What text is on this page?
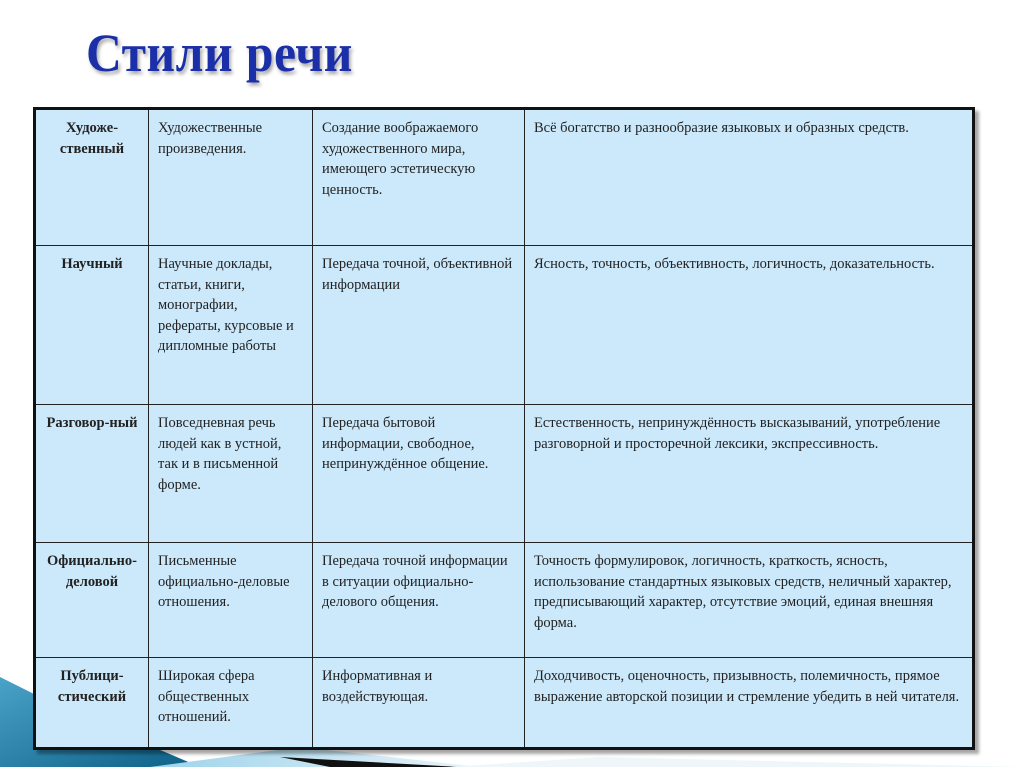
Стили речи
Художе-ственный	Художественные произведения.	Создание воображаемого художественного мира, имеющего эстетическую ценность.	Всё богатство и разнообразие языковых и образных средств.
Научный	Научные доклады, статьи, книги, монографии, рефераты, курсовые и дипломные работы	Передача точной, объективной информации	Ясность, точность, объективность, логичность, доказательность.
Разговор-ный	Повседневная речь людей как в устной, так и в письменной форме.	Передача бытовой информации, свободное, непринуждённое общение.	Естественность, непринуждённость высказываний, употребление разговорной и просторечной лексики, экспрессивность.
Официально-деловой	Письменные официально-деловые отношения.	Передача точной информации в ситуации официально-делового общения.	Точность формулировок, логичность, краткость, ясность, использование стандартных языковых средств, неличный характер, предписывающий характер, отсутствие эмоций, единая внешняя форма.
Публици-стический	Широкая сфера общественных отношений.	Информативная и воздействующая.	Доходчивость, оценочность, призывность, полемичность, прямое выражение авторской позиции и стремление убедить в ней читателя.
